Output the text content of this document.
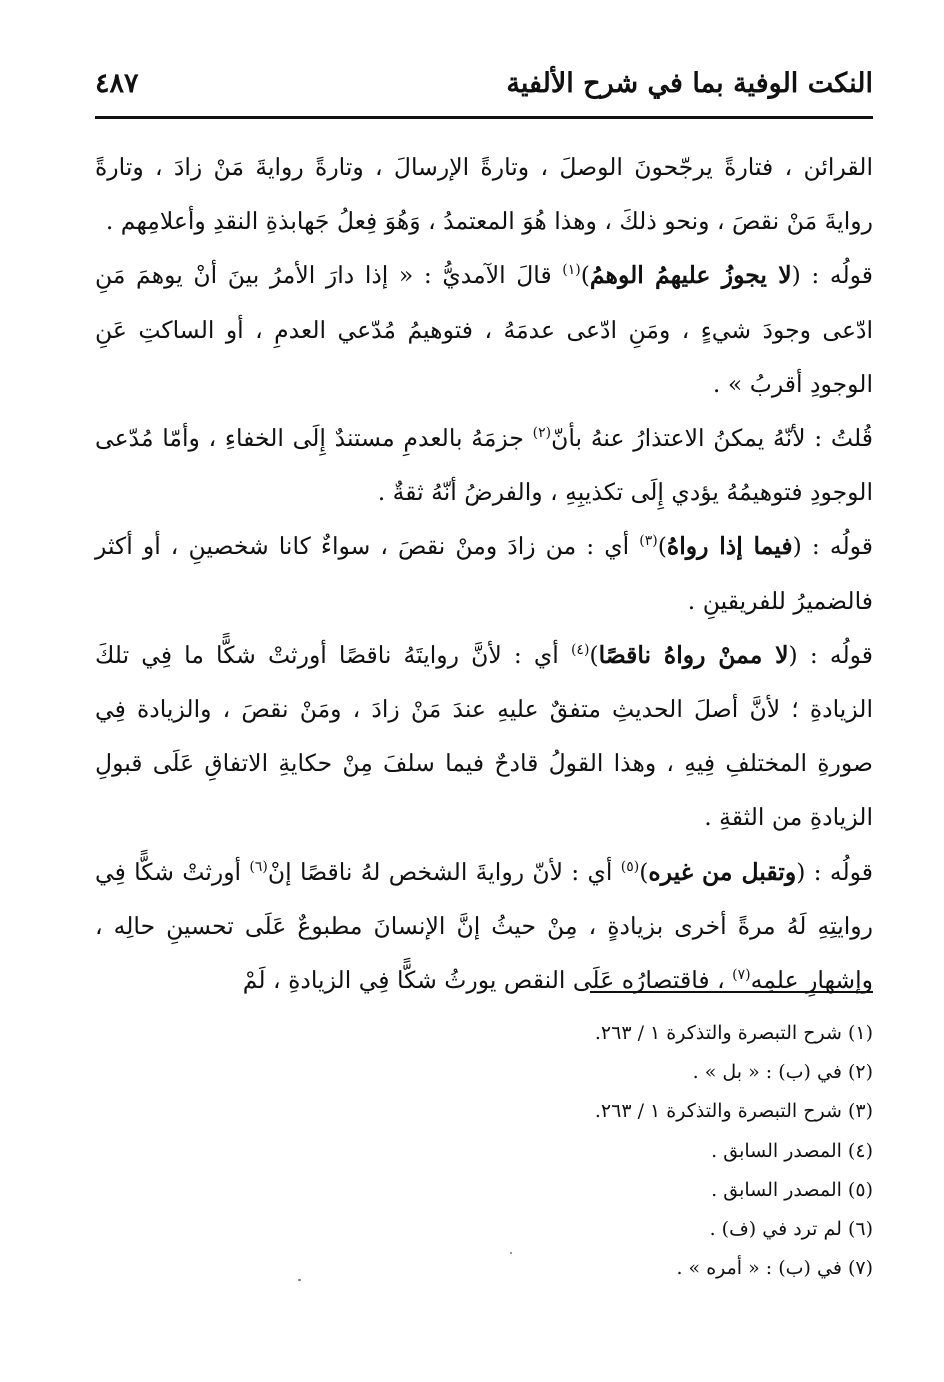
النكت الوفية بما في شرح الألفية
٤٨٧

القرائن ، فتارةً يرجّحونَ الوصلَ ، وتارةً الإرسالَ ، وتارةً روايةَ مَنْ زادَ ، وتارةً روايةَ مَنْ نقصَ ، ونحو ذلكَ ، وهذا هُوَ المعتمدُ ، وَهُوَ فِعلُ جَهابذةِ النقدِ وأعلامِهم .

قولُه : (لا يجوزُ عليهمُ الوهمُ)$^{(١)}$ قالَ الآمديُّ : « إذا دارَ الأمرُ بينَ أنْ يوهمَ مَنِ ادّعى وجودَ شيءٍ ، ومَنِ ادّعى عدمَهُ ، فتوهيمُ مُدّعي العدمِ ، أو الساكتِ عَنِ الوجودِ أقربُ » .

قُلتُ : لأنّهُ يمكنُ الاعتذارُ عنهُ بأنّ$^{(٢)}$ جزمَهُ بالعدمِ مستندٌ إِلَى الخفاءِ ، وأمّا مُدّعى الوجودِ فتوهيمُهُ يؤدي إِلَى تكذيبِهِ ، والفرضُ أنّهُ ثقةٌ .

قولُه : (فيما إذا رواهُ)$^{(٣)}$ أي : من زادَ ومنْ نقصَ ، سواءٌ كانا شخصينِ ، أو أكثر فالضميرُ للفريقينِ .

قولُه : (لا ممنْ رواهُ ناقصًا)$^{(٤)}$ أي : لأنَّ روايتَهُ ناقصًا أورثتْ شكًّا ما فِي تلكَ الزيادةِ ؛ لأنَّ أصلَ الحديثِ متفقٌ عليهِ عندَ مَنْ زادَ ، ومَنْ نقصَ ، والزيادة فِي صورةِ المختلفِ فِيهِ ، وهذا القولُ قادحٌ فيما سلفَ مِنْ حكايةِ الاتفاقِ عَلَى قبولِ الزيادةِ من الثقةِ .

قولُه : (وتقبل من غيره)$^{(٥)}$ أي : لأنّ روايةَ الشخص لهُ ناقصًا إنْ$^{(٦)}$ أورثتْ شكًّا فِي روايتِهِ لَهُ مرةً أخرى بزيادةٍ ، مِنْ حيثُ إنَّ الإنسانَ مطبوعٌ عَلَى تحسينِ حالِه ، وإشهارِ علمِه$^{(٧)}$ ، فاقتصارُه عَلَى النقص يورثُ شكًّا فِي الزيادةِ ، لَمْ

(١) شرح التبصرة والتذكرة ١ / ٢٦٣.
(٢) في (ب) : « بل » .
(٣) شرح التبصرة والتذكرة ١ / ٢٦٣.
(٤) المصدر السابق .
(٥) المصدر السابق .
(٦) لم ترد في (ف) .
(٧) في (ب) : « أمره » .
